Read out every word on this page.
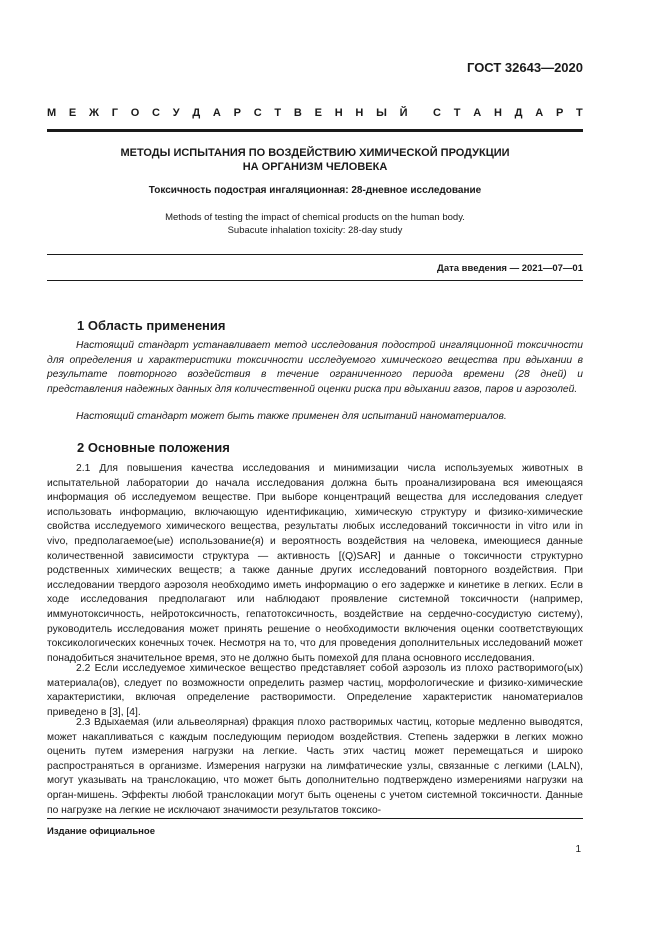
ГОСТ 32643—2020
М Е Ж Г О С У Д А Р С Т В Е Н Н Ы Й С Т А Н Д А Р Т
МЕТОДЫ ИСПЫТАНИЯ ПО ВОЗДЕЙСТВИЮ ХИМИЧЕСКОЙ ПРОДУКЦИИ
НА ОРГАНИЗМ ЧЕЛОВЕКА
Токсичность подострая ингаляционная: 28-дневное исследование
Methods of testing the impact of chemical products on the human body.
Subacute inhalation toxicity: 28-day study
Дата введения — 2021—07—01
1 Область применения

Настоящий стандарт устанавливает метод исследования подострой ингаляционной токсичности для определения и характеристики токсичности исследуемого химического вещества при вдыхании в результате повторного воздействия в течение ограниченного периода времени (28 дней) и представления надежных данных для количественной оценки риска при вдыхании газов, паров и аэрозолей.

Настоящий стандарт может быть также применен для испытаний наноматериалов.

2 Основные положения

2.1 Для повышения качества исследования и минимизации числа используемых животных в испытательной лаборатории до начала исследования должна быть проанализирована вся имеющаяся информация об исследуемом веществе. При выборе концентраций вещества для исследования следует использовать информацию, включающую идентификацию, химическую структуру и физико-химические свойства исследуемого химического вещества, результаты любых исследований токсичности in vitro или in vivo, предполагаемое(ые) использование(я) и вероятность воздействия на человека, имеющиеся данные количественной зависимости структура — активность [(Q)SAR] и данные о токсичности структурно родственных химических веществ; а также данные других исследований повторного воздействия. При исследовании твердого аэрозоля необходимо иметь информацию о его задержке и кинетике в легких. Если в ходе исследования предполагают или наблюдают проявление системной токсичности (например, иммунотоксичность, нейротоксичность, гепатотоксичность, воздействие на сердечно-сосудистую систему), руководитель исследования может принять решение о необходимости включения оценки соответствующих токсикологических конечных точек. Несмотря на то, что для проведения дополнительных исследований может понадобиться значительное время, это не должно быть помехой для плана основного исследования.

2.2 Если исследуемое химическое вещество представляет собой аэрозоль из плохо растворимого(ых) материала(ов), следует по возможности определить размер частиц, морфологические и физико-химические характеристики, включая определение растворимости. Определение характеристик наноматериалов приведено в [3], [4].

2.3 Вдыхаемая (или альвеолярная) фракция плохо растворимых частиц, которые медленно выводятся, может накапливаться с каждым последующим периодом воздействия. Степень задержки в легких можно оценить путем измерения нагрузки на легкие. Часть этих частиц может перемещаться и широко распространяться в организме. Измерения нагрузки на лимфатические узлы, связанные с легкими (LALN), могут указывать на транслокацию, что может быть дополнительно подтверждено измерениями нагрузки на орган-мишень. Эффекты любой транслокации могут быть оценены с учетом системной токсичности. Данные по нагрузке на легкие не исключают значимости результатов токсико-

Издание официальное
1
